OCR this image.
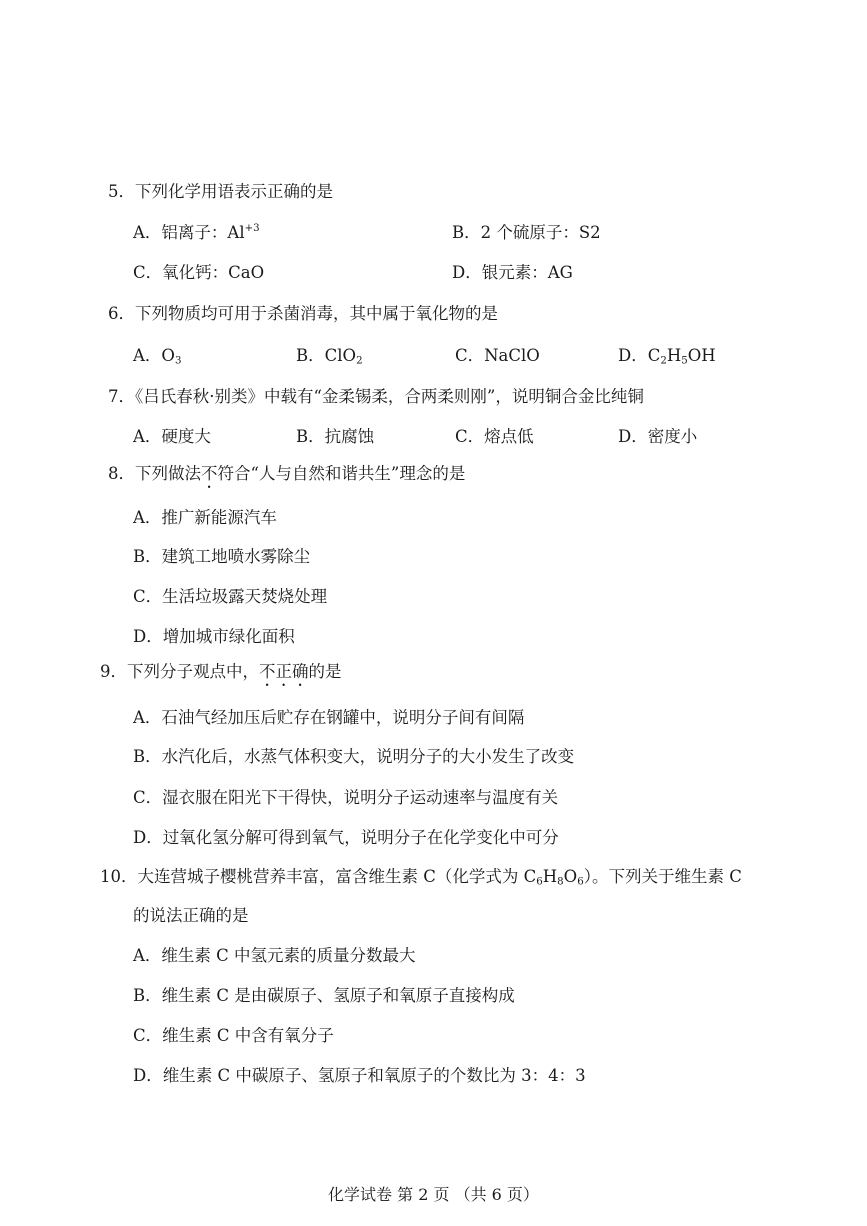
5．下列化学用语表示正确的是
A．铝离子：$Al^{+3}$	B．2 个硫原子：S2
C．氧化钙：CaO	D．银元素：AG
6．下列物质均可用于杀菌消毒，其中属于氧化物的是
A．$O_3$	B．ClO$_2$	C．NaClO	D．$C_2H_5OH$
7．《吕氏春秋·别类》中载有“金柔锡柔，合两柔则刚”，说明铜合金比纯铜
A．硬度大	B．抗腐蚀	C．熔点低	D．密度小
8．下列做法不符合“人与自然和谐共生”理念的是
A．推广新能源汽车
B．建筑工地喷水雾除尘
C．生活垃圾露天焚烧处理
D．增加城市绿化面积
9．下列分子观点中，不正确的是
A．石油气经加压后贮存在钢罐中，说明分子间有间隔
B．水汽化后，水蒸气体积变大，说明分子的大小发生了改变
C．湿衣服在阳光下干得快，说明分子运动速率与温度有关
D．过氧化氢分解可得到氧气，说明分子在化学变化中可分
10．大连营城子樱桃营养丰富，富含维生素 C（化学式为 $C_6H_8O_6$）。下列关于维生素 C
的说法正确的是
A．维生素 C 中氢元素的质量分数最大
B．维生素 C 是由碳原子、氢原子和氧原子直接构成
C．维生素 C 中含有氧分子
D．维生素 C 中碳原子、氢原子和氧原子的个数比为 3：4：3
化学试卷 第 2 页 （共 6 页）
